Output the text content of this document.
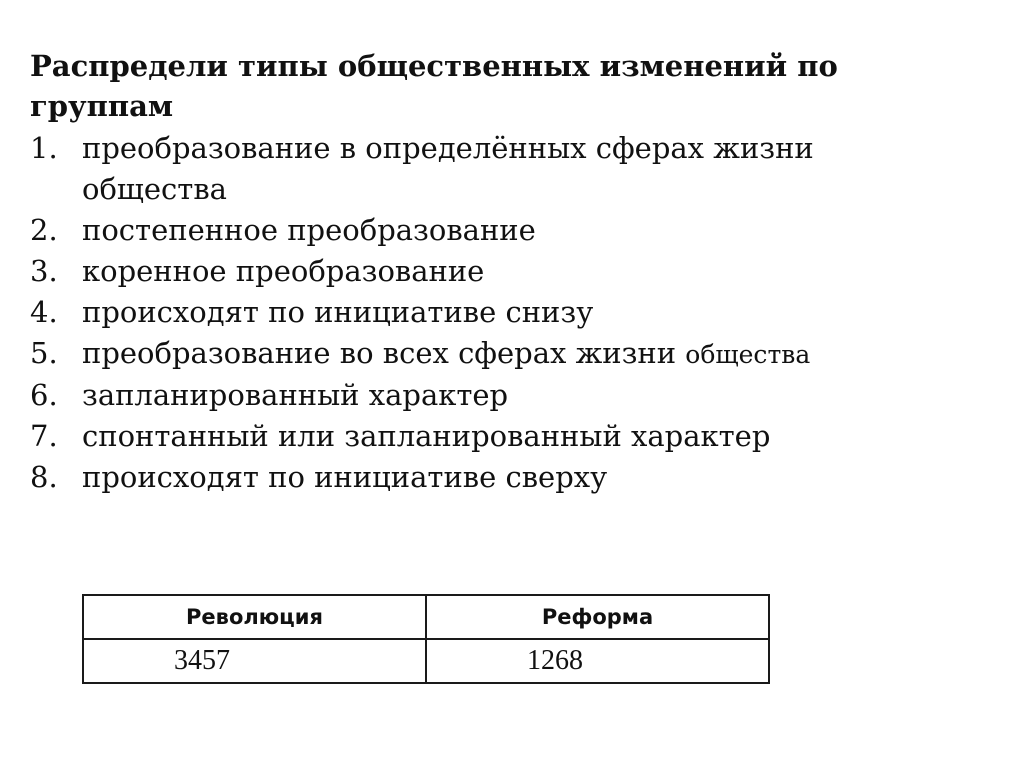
Распредели типы общественных изменений по группам
1. преобразование в определённых сферах жизни общества
2. постепенное преобразование
3. коренное преобразование
4. происходят по инициативе снизу
5. преобразование во всех сферах жизни общества
6. запланированный характер
7. спонтанный или запланированный характер
8. происходят по инициативе сверху
Революция	Реформа
3457	1268
